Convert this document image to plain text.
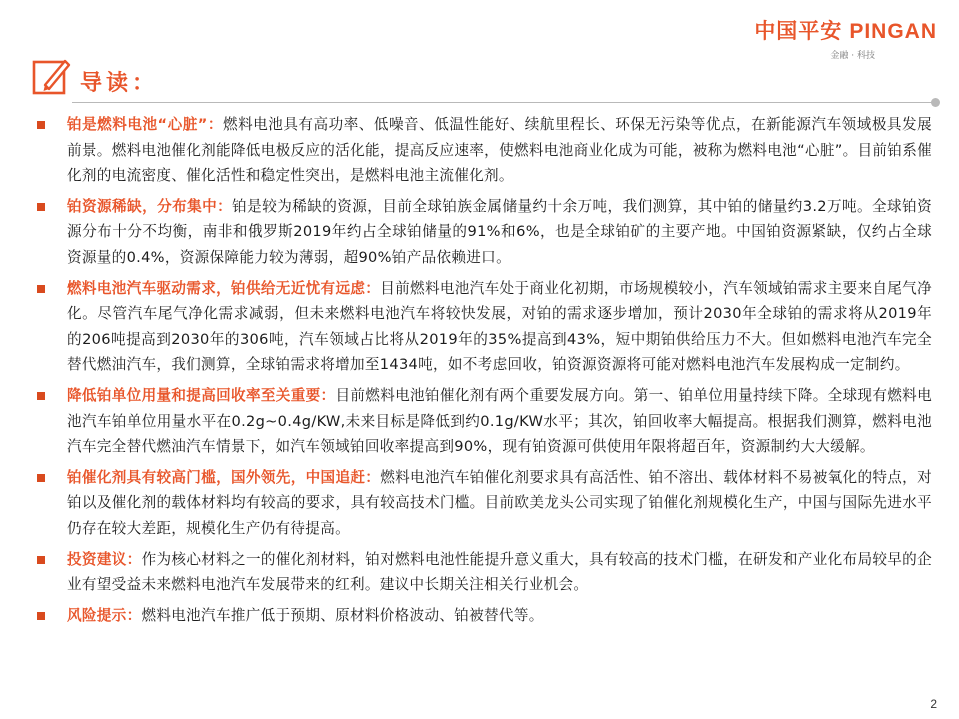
中国平安 PINGAN
金融 · 科技
导读：
铂是燃料电池“心脏”：燃料电池具有高功率、低噪音、低温性能好、续航里程长、环保无污染等优点，在新能源汽车领域极具发展前景。燃料电池催化剂能降低电极反应的活化能，提高反应速率，使燃料电池商业化成为可能，被称为燃料电池“心脏”。目前铂系催化剂的电流密度、催化活性和稳定性突出，是燃料电池主流催化剂。
铂资源稀缺，分布集中：铂是较为稀缺的资源，目前全球铂族金属储量约十余万吨，我们测算，其中铂的储量约3.2万吨。全球铂资源分布十分不均衡，南非和俄罗斯2019年约占全球铂储量的91%和6%，也是全球铂矿的主要产地。中国铂资源紧缺，仅约占全球资源量的0.4%，资源保障能力较为薄弱，超90%铂产品依赖进口。
燃料电池汽车驱动需求，铂供给无近忧有远虑：目前燃料电池汽车处于商业化初期，市场规模较小，汽车领域铂需求主要来自尾气净化。尽管汽车尾气净化需求减弱，但未来燃料电池汽车将较快发展，对铂的需求逐步增加，预计2030年全球铂的需求将从2019年的206吨提高到2030年的306吨，汽车领域占比将从2019年的35%提高到43%，短中期铂供给压力不大。但如燃料电池汽车完全替代燃油汽车，我们测算，全球铂需求将增加至1434吨，如不考虑回收，铂资源资源将可能对燃料电池汽车发展构成一定制约。
降低铂单位用量和提高回收率至关重要：目前燃料电池铂催化剂有两个重要发展方向。第一、铂单位用量持续下降。全球现有燃料电池汽车铂单位用量水平在0.2g~0.4g/KW,未来目标是降低到约0.1g/KW水平；其次，铂回收率大幅提高。根据我们测算，燃料电池汽车完全替代燃油汽车情景下，如汽车领域铂回收率提高到90%，现有铂资源可供使用年限将超百年，资源制约大大缓解。
铂催化剂具有较高门槛，国外领先，中国追赶：燃料电池汽车铂催化剂要求具有高活性、铂不溶出、载体材料不易被氧化的特点，对铂以及催化剂的载体材料均有较高的要求，具有较高技术门槛。目前欧美龙头公司实现了铂催化剂规模化生产，中国与国际先进水平仍存在较大差距，规模化生产仍有待提高。
投资建议：作为核心材料之一的催化剂材料，铂对燃料电池性能提升意义重大，具有较高的技术门槛，在研发和产业化布局较早的企业有望受益未来燃料电池汽车发展带来的红利。建议中长期关注相关行业机会。
风险提示：燃料电池汽车推广低于预期、原材料价格波动、铂被替代等。
2
